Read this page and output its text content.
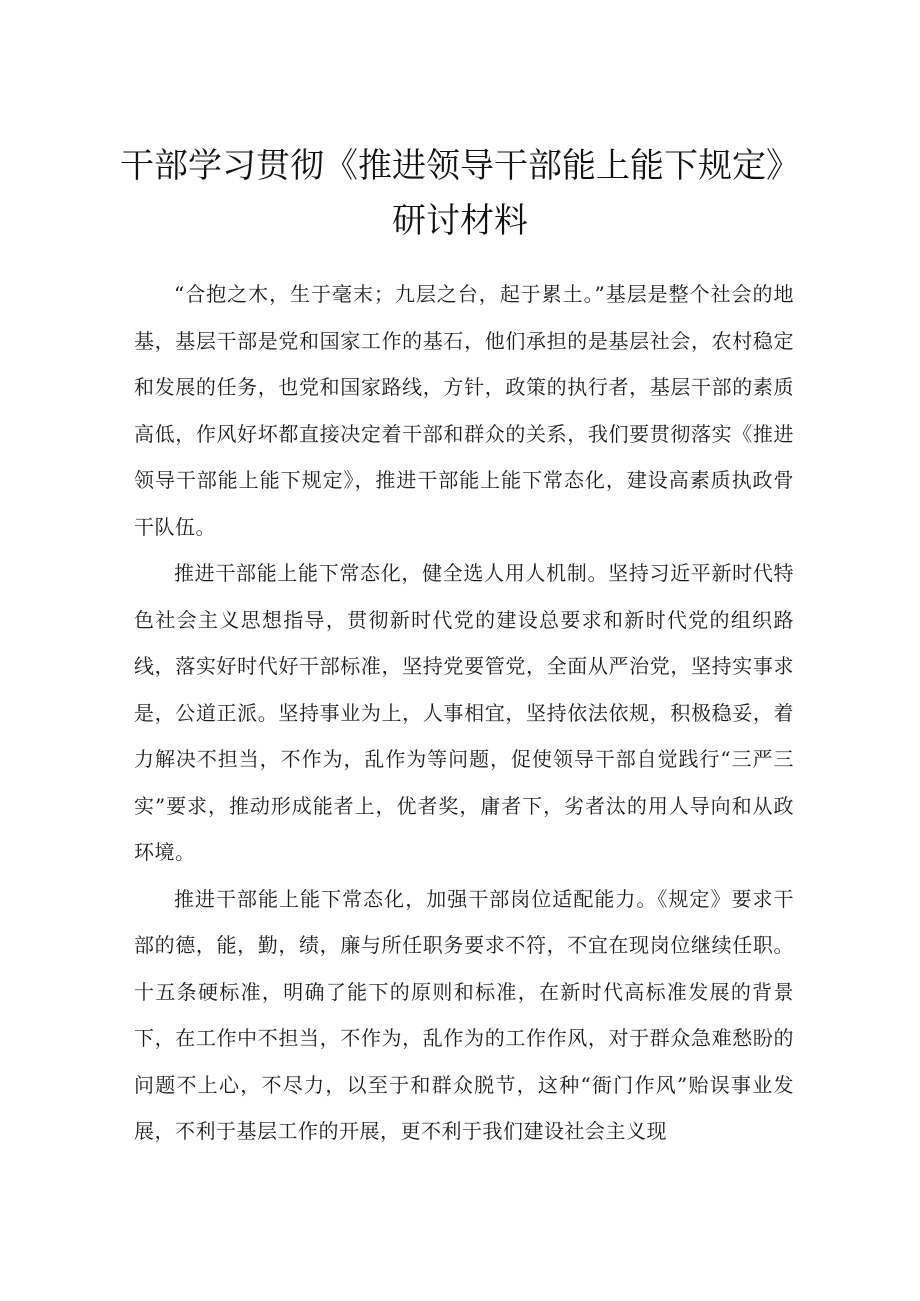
干部学习贯彻《推进领导干部能上能下规定》
研讨材料

“合抱之木，生于毫末；九层之台，起于累土。”基层是整个社会的地基，基层干部是党和国家工作的基石，他们承担的是基层社会，农村稳定和发展的任务，也党和国家路线，方针，政策的执行者，基层干部的素质高低，作风好坏都直接决定着干部和群众的关系，我们要贯彻落实《推进领导干部能上能下规定》，推进干部能上能下常态化，建设高素质执政骨干队伍。

推进干部能上能下常态化，健全选人用人机制。坚持习近平新时代特色社会主义思想指导，贯彻新时代党的建设总要求和新时代党的组织路线，落实好时代好干部标准，坚持党要管党，全面从严治党，坚持实事求是，公道正派。坚持事业为上，人事相宜，坚持依法依规，积极稳妥，着力解决不担当，不作为，乱作为等问题，促使领导干部自觉践行“三严三实”要求，推动形成能者上，优者奖，庸者下，劣者汰的用人导向和从政环境。

推进干部能上能下常态化，加强干部岗位适配能力。《规定》要求干部的德，能，勤，绩，廉与所任职务要求不符，不宜在现岗位继续任职。十五条硬标准，明确了能下的原则和标准，在新时代高标准发展的背景下，在工作中不担当，不作为，乱作为的工作作风，对于群众急难愁盼的问题不上心，不尽力，以至于和群众脱节，这种“衙门作风”贻误事业发展，不利于基层工作的开展，更不利于我们建设社会主义现
